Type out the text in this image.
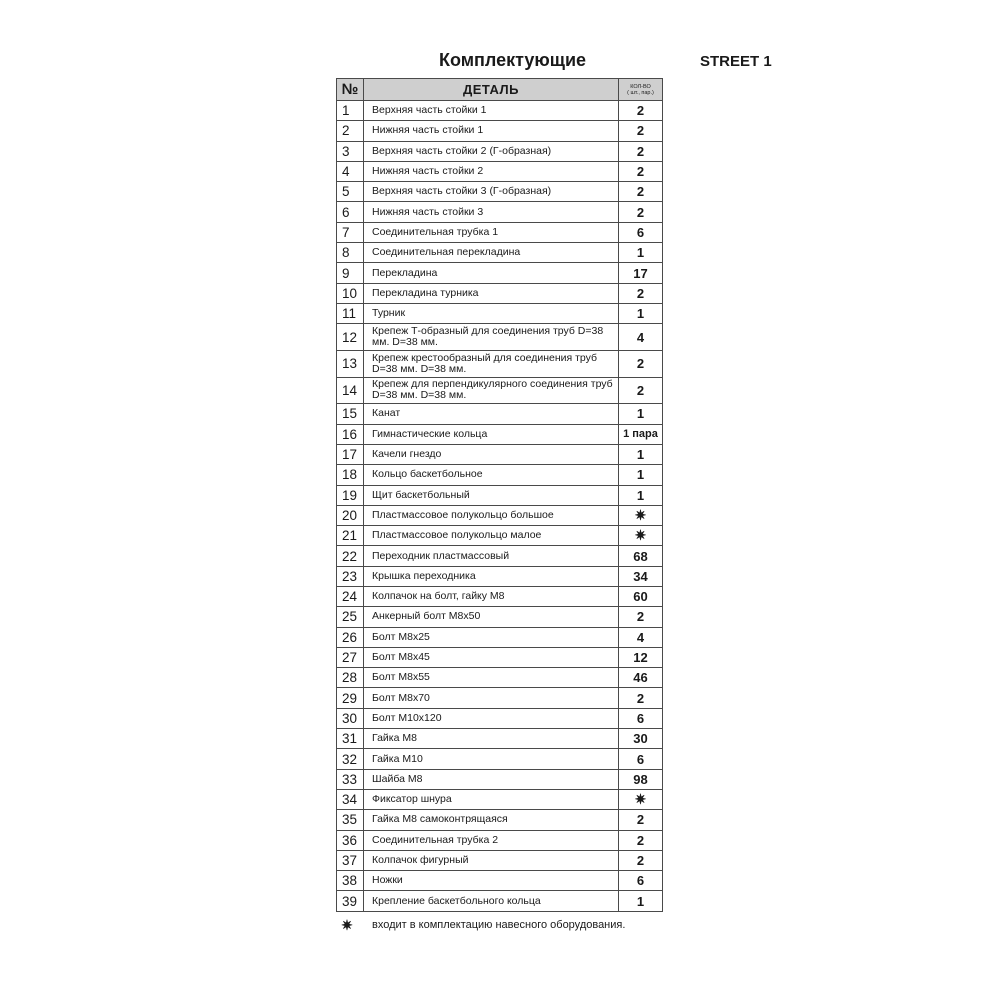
Комплектующие	STREET 1
№	ДЕТАЛЬ	КОЛ-ВО
( шт., пар.)
1	Верхняя часть стойки 1	2
2	Нижняя часть стойки 1	2
3	Верхняя часть стойки 2 (Г-образная)	2
4	Нижняя часть стойки 2	2
5	Верхняя часть стойки 3 (Г-образная)	2
6	Нижняя часть стойки 3	2
7	Соединительная трубка 1	6
8	Соединительная перекладина	1
9	Перекладина	17
10	Перекладина турника	2
11	Турник	1
12	Крепеж Т-образный для соединения труб D=38 мм. D=38 мм.	4
13	Крепеж крестообразный для соединения труб D=38 мм. D=38 мм.	2
14	Крепеж для перпендикулярного соединения труб D=38 мм. D=38 мм.	2
15	Канат	1
16	Гимнастические кольца	1 пара
17	Качели гнездо	1
18	Кольцо баскетбольное	1
19	Щит баскетбольный	1
20	Пластмассовое полукольцо большое	✷
21	Пластмассовое полукольцо малое	✷
22	Переходник пластмассовый	68
23	Крышка переходника	34
24	Колпачок на болт, гайку М8	60
25	Анкерный болт М8х50	2
26	Болт М8х25	4
27	Болт М8х45	12
28	Болт М8х55	46
29	Болт М8х70	2
30	Болт М10х120	6
31	Гайка М8	30
32	Гайка М10	6
33	Шайба М8	98
34	Фиксатор шнура	✷
35	Гайка М8 самоконтрящаяся	2
36	Соединительная трубка 2	2
37	Колпачок фигурный	2
38	Ножки	6
39	Крепление баскетбольного кольца	1
✷ входит в комплектацию навесного оборудования.
